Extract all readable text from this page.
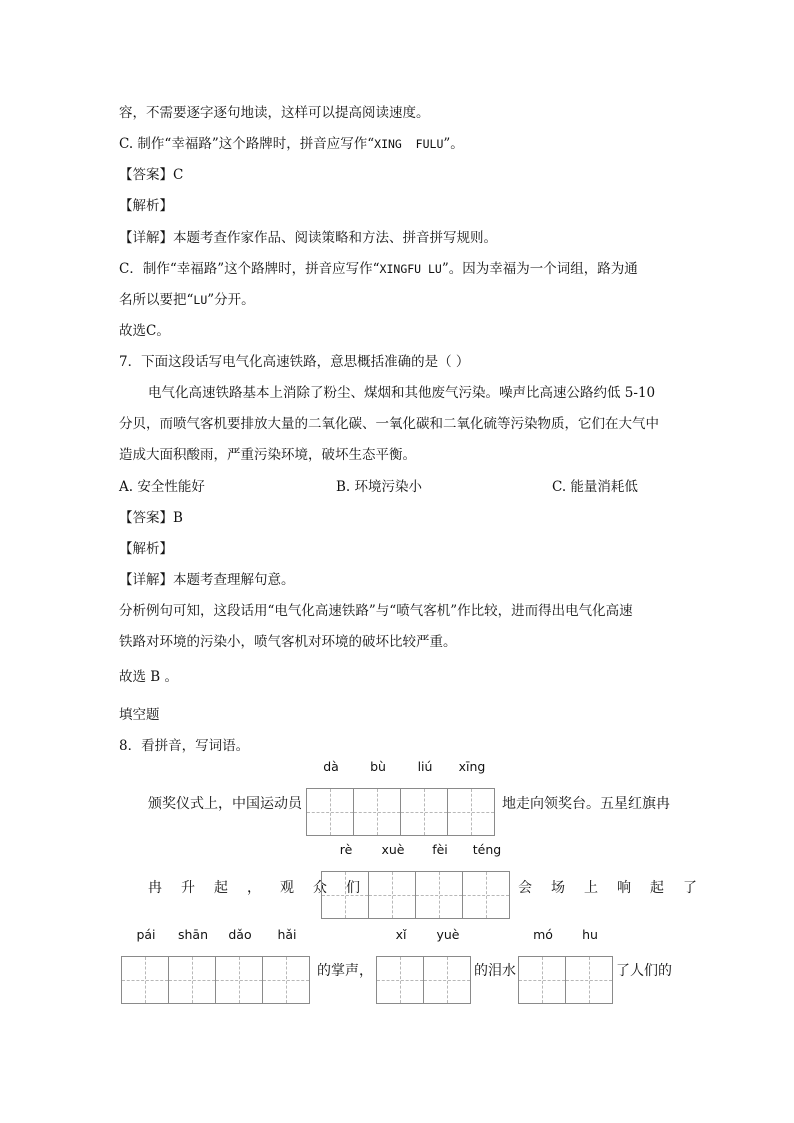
容，不需要逐字逐句地读，这样可以提高阅读速度。
C. 制作“幸福路”这个路牌时，拼音应写作“XING  FULU”。
【答案】C
【解析】
【详解】本题考查作家作品、阅读策略和方法、拼音拼写规则。
C．制作“幸福路”这个路牌时，拼音应写作“XINGFU LU”。因为幸福为一个词组，路为通
名所以要把“LU”分开。
故选C。
7．下面这段话写电气化高速铁路，意思概括准确的是（ ）
电气化高速铁路基本上消除了粉尘、煤烟和其他废气污染。噪声比高速公路约低 5-10
分贝，而喷气客机要排放大量的二氧化碳、一氧化碳和二氧化硫等污染物质，它们在大气中
造成大面积酸雨，严重污染环境，破坏生态平衡。
A. 安全性能好	B. 环境污染小	C. 能量消耗低
【答案】B
【解析】
【详解】本题考查理解句意。
分析例句可知，这段话用“电气化高速铁路”与“喷气客机”作比较，进而得出电气化高速
铁路对环境的污染小，喷气客机对环境的破坏比较严重。
故选 B 。
填空题
8．看拼音，写词语。
颁奖仪式上，中国运动员
dà	bù	liú	xīng
地走向领奖台。五星红旗冉
冉升起，观众们
rè	xuè	fèi	téng
会场上响起了
pái	shān	dǎo	hǎi
的掌声，
xǐ	yuè
的泪水
mó	hu
了人们的
